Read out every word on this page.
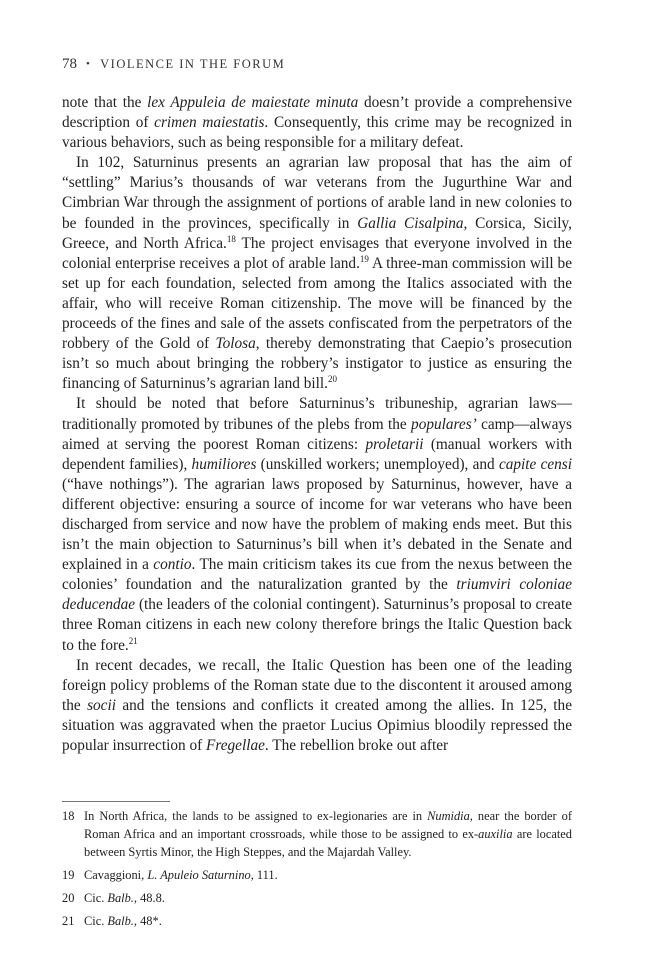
78 • VIOLENCE IN THE FORUM

note that the lex Appuleia de maiestate minuta doesn’t provide a comprehensive description of crimen maiestatis. Consequently, this crime may be recognized in various behaviors, such as being responsible for a military defeat.

In 102, Saturninus presents an agrarian law proposal that has the aim of “settling” Marius’s thousands of war veterans from the Jugurthine War and Cimbrian War through the assignment of portions of arable land in new colonies to be founded in the provinces, specifically in Gallia Cisalpina, Corsica, Sicily, Greece, and North Africa.$^{18}$ The project envisages that everyone involved in the colonial enterprise receives a plot of arable land.$^{19}$ A three-man commission will be set up for each foundation, selected from among the Italics associated with the affair, who will receive Roman citizenship. The move will be financed by the proceeds of the fines and sale of the assets confiscated from the perpetrators of the robbery of the Gold of Tolosa, thereby demonstrating that Caepio’s prosecution isn’t so much about bringing the robbery’s instigator to justice as ensuring the financing of Saturninus’s agrarian land bill.$^{20}$

It should be noted that before Saturninus’s tribuneship, agrarian laws—traditionally promoted by tribunes of the plebs from the populares’ camp—always aimed at serving the poorest Roman citizens: proletarii (manual workers with dependent families), humiliores (unskilled workers; unemployed), and capite censi (“have nothings”). The agrarian laws proposed by Saturninus, however, have a different objective: ensuring a source of income for war veterans who have been discharged from service and now have the problem of making ends meet. But this isn’t the main objection to Saturninus’s bill when it’s debated in the Senate and explained in a contio. The main criticism takes its cue from the nexus between the colonies’ foundation and the naturalization granted by the triumviri coloniae deducendae (the leaders of the colonial contingent). Saturninus’s proposal to create three Roman citizens in each new colony therefore brings the Italic Question back to the fore.$^{21}$

In recent decades, we recall, the Italic Question has been one of the leading foreign policy problems of the Roman state due to the discontent it aroused among the socii and the tensions and conflicts it created among the allies. In 125, the situation was aggravated when the praetor Lucius Opimius bloodily repressed the popular insurrection of Fregellae. The rebellion broke out after

18 In North Africa, the lands to be assigned to ex-legionaries are in Numidia, near the border of Roman Africa and an important crossroads, while those to be assigned to ex-auxilia are located between Syrtis Minor, the High Steppes, and the Majardah Valley.
19 Cavaggioni, L. Apuleio Saturnino, 111.
20 Cic. Balb., 48.8.
21 Cic. Balb., 48*.
